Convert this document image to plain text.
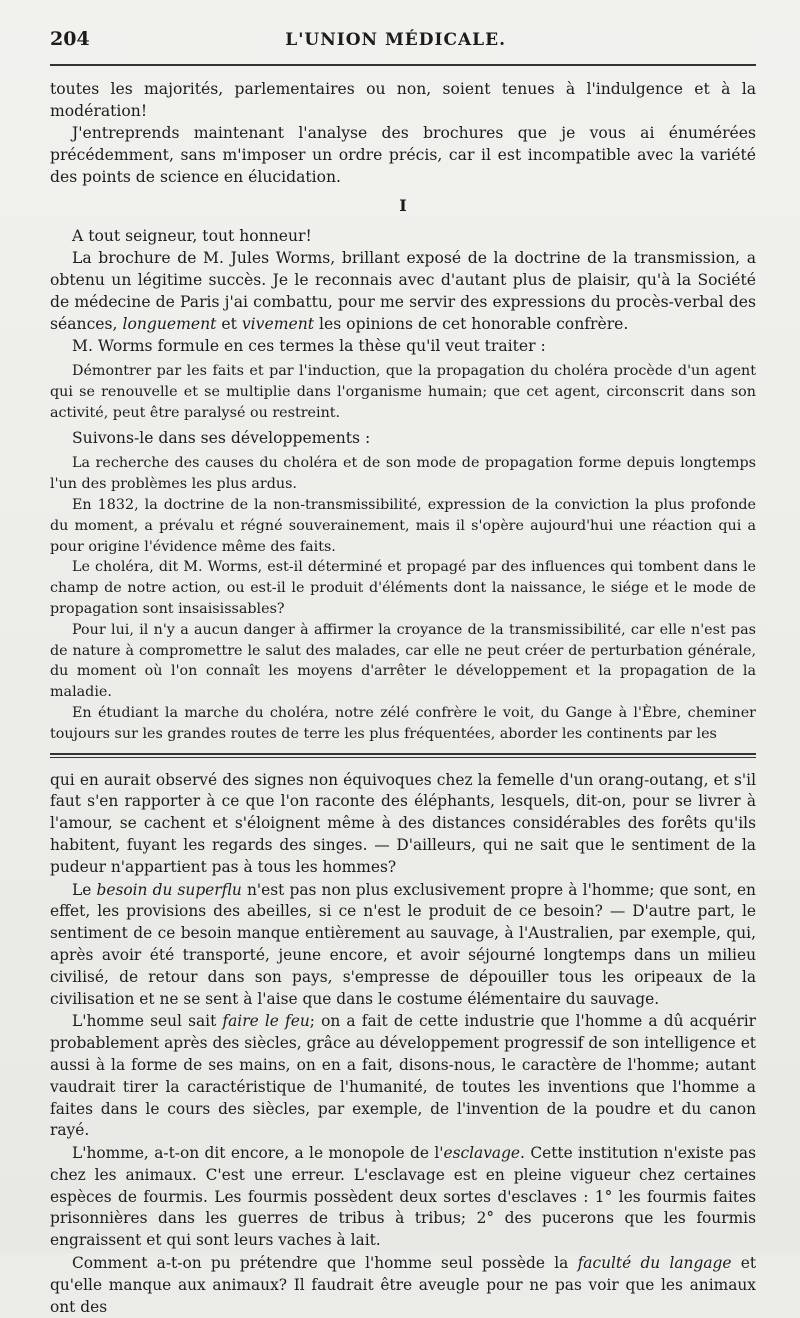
204	L'UNION MÉDICALE.

toutes les majorités, parlementaires ou non, soient tenues à l'indulgence et à la modération!

J'entreprends maintenant l'analyse des brochures que je vous ai énumérées précédemment, sans m'imposer un ordre précis, car il est incompatible avec la variété des points de science en élucidation.

I

A tout seigneur, tout honneur!

La brochure de M. Jules Worms, brillant exposé de la doctrine de la transmission, a obtenu un légitime succès. Je le reconnais avec d'autant plus de plaisir, qu'à la Société de médecine de Paris j'ai combattu, pour me servir des expressions du procès-verbal des séances, longuement et vivement les opinions de cet honorable confrère.

M. Worms formule en ces termes la thèse qu'il veut traiter :

Démontrer par les faits et par l'induction, que la propagation du choléra procède d'un agent qui se renouvelle et se multiplie dans l'organisme humain; que cet agent, circonscrit dans son activité, peut être paralysé ou restreint.

Suivons-le dans ses développements :

La recherche des causes du choléra et de son mode de propagation forme depuis longtemps l'un des problèmes les plus ardus.

En 1832, la doctrine de la non-transmissibilité, expression de la conviction la plus profonde du moment, a prévalu et régné souverainement, mais il s'opère aujourd'hui une réaction qui a pour origine l'évidence même des faits.

Le choléra, dit M. Worms, est-il déterminé et propagé par des influences qui tombent dans le champ de notre action, ou est-il le produit d'éléments dont la naissance, le siége et le mode de propagation sont insaisissables?

Pour lui, il n'y a aucun danger à affirmer la croyance de la transmissibilité, car elle n'est pas de nature à compromettre le salut des malades, car elle ne peut créer de perturbation générale, du moment où l'on connaît les moyens d'arrêter le développement et la propagation de la maladie.

En étudiant la marche du choléra, notre zélé confrère le voit, du Gange à l'Èbre, cheminer toujours sur les grandes routes de terre les plus fréquentées, aborder les continents par les

qui en aurait observé des signes non équivoques chez la femelle d'un orang-outang, et s'il faut s'en rapporter à ce que l'on raconte des éléphants, lesquels, dit-on, pour se livrer à l'amour, se cachent et s'éloignent même à des distances considérables des forêts qu'ils habitent, fuyant les regards des singes. — D'ailleurs, qui ne sait que le sentiment de la pudeur n'appartient pas à tous les hommes?

Le besoin du superflu n'est pas non plus exclusivement propre à l'homme; que sont, en effet, les provisions des abeilles, si ce n'est le produit de ce besoin? — D'autre part, le sentiment de ce besoin manque entièrement au sauvage, à l'Australien, par exemple, qui, après avoir été transporté, jeune encore, et avoir séjourné longtemps dans un milieu civilisé, de retour dans son pays, s'empresse de dépouiller tous les oripeaux de la civilisation et ne se sent à l'aise que dans le costume élémentaire du sauvage.

L'homme seul sait faire le feu; on a fait de cette industrie que l'homme a dû acquérir probablement après des siècles, grâce au développement progressif de son intelligence et aussi à la forme de ses mains, on en a fait, disons-nous, le caractère de l'homme; autant vaudrait tirer la caractéristique de l'humanité, de toutes les inventions que l'homme a faites dans le cours des siècles, par exemple, de l'invention de la poudre et du canon rayé.

L'homme, a-t-on dit encore, a le monopole de l'esclavage. Cette institution n'existe pas chez les animaux. C'est une erreur. L'esclavage est en pleine vigueur chez certaines espèces de fourmis. Les fourmis possèdent deux sortes d'esclaves : 1° les fourmis faites prisonnières dans les guerres de tribus à tribus; 2° des pucerons que les fourmis engraissent et qui sont leurs vaches à lait.

Comment a-t-on pu prétendre que l'homme seul possède la faculté du langage et qu'elle manque aux animaux? Il faudrait être aveugle pour ne pas voir que les animaux ont des
